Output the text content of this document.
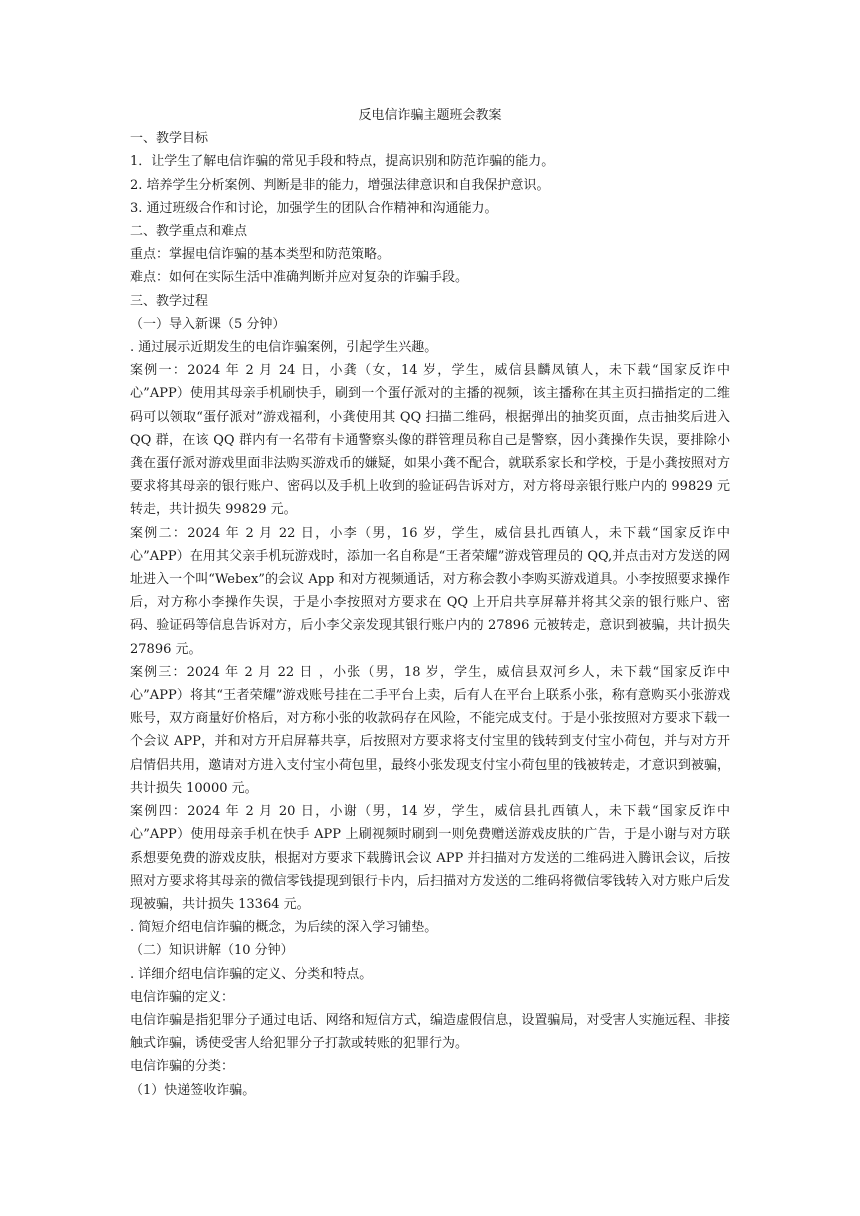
反电信诈骗主题班会教案

一、教学目标

1．让学生了解电信诈骗的常见手段和特点，提高识别和防范诈骗的能力。

2. 培养学生分析案例、判断是非的能力，增强法律意识和自我保护意识。

3. 通过班级合作和讨论，加强学生的团队合作精神和沟通能力。

二、教学重点和难点

重点：掌握电信诈骗的基本类型和防范策略。

难点：如何在实际生活中准确判断并应对复杂的诈骗手段。

三、教学过程

（一）导入新课（5 分钟）

. 通过展示近期发生的电信诈骗案例，引起学生兴趣。

案例一：2024 年 2 月 24 日，小龚（女，14 岁，学生，威信县麟凤镇人，未下载“国家反诈中心”APP）使用其母亲手机刷快手，刷到一个蛋仔派对的主播的视频，该主播称在其主页扫描指定的二维码可以领取“蛋仔派对”游戏福利，小龚使用其 QQ 扫描二维码，根据弹出的抽奖页面，点击抽奖后进入 QQ 群，在该 QQ 群内有一名带有卡通警察头像的群管理员称自己是警察，因小龚操作失误，要排除小龚在蛋仔派对游戏里面非法购买游戏币的嫌疑，如果小龚不配合，就联系家长和学校，于是小龚按照对方要求将其母亲的银行账户、密码以及手机上收到的验证码告诉对方，对方将母亲银行账户内的 99829 元转走，共计损失 99829 元。

案例二：2024 年 2 月 22 日，小李（男，16 岁，学生，威信县扎西镇人，未下载“国家反诈中心”APP）在用其父亲手机玩游戏时，添加一名自称是“王者荣耀”游戏管理员的 QQ,并点击对方发送的网址进入一个叫“Webex”的会议 App 和对方视频通话，对方称会教小李购买游戏道具。小李按照要求操作后，对方称小李操作失误，于是小李按照对方要求在 QQ 上开启共享屏幕并将其父亲的银行账户、密码、验证码等信息告诉对方，后小李父亲发现其银行账户内的 27896 元被转走，意识到被骗，共计损失 27896 元。

案例三：2024 年 2 月 22 日 ，小张（男，18 岁，学生，威信县双河乡人，未下载“国家反诈中心”APP）将其“王者荣耀”游戏账号挂在二手平台上卖，后有人在平台上联系小张，称有意购买小张游戏账号，双方商量好价格后，对方称小张的收款码存在风险，不能完成支付。于是小张按照对方要求下载一个会议 APP，并和对方开启屏幕共享，后按照对方要求将支付宝里的钱转到支付宝小荷包，并与对方开启情侣共用，邀请对方进入支付宝小荷包里，最终小张发现支付宝小荷包里的钱被转走，才意识到被骗，共计损失 10000 元。

案例四：2024 年 2 月 20 日，小谢（男，14 岁，学生，威信县扎西镇人，未下载“国家反诈中心”APP）使用母亲手机在快手 APP 上刷视频时刷到一则免费赠送游戏皮肤的广告，于是小谢与对方联系想要免费的游戏皮肤，根据对方要求下载腾讯会议 APP 并扫描对方发送的二维码进入腾讯会议，后按照对方要求将其母亲的微信零钱提现到银行卡内，后扫描对方发送的二维码将微信零钱转入对方账户后发现被骗，共计损失 13364 元。

. 简短介绍电信诈骗的概念，为后续的深入学习铺垫。

（二）知识讲解（10 分钟）

. 详细介绍电信诈骗的定义、分类和特点。

电信诈骗的定义：

电信诈骗是指犯罪分子通过电话、网络和短信方式，编造虚假信息，设置骗局，对受害人实施远程、非接触式诈骗，诱使受害人给犯罪分子打款或转账的犯罪行为。

电信诈骗的分类：

（1）快递签收诈骗。
